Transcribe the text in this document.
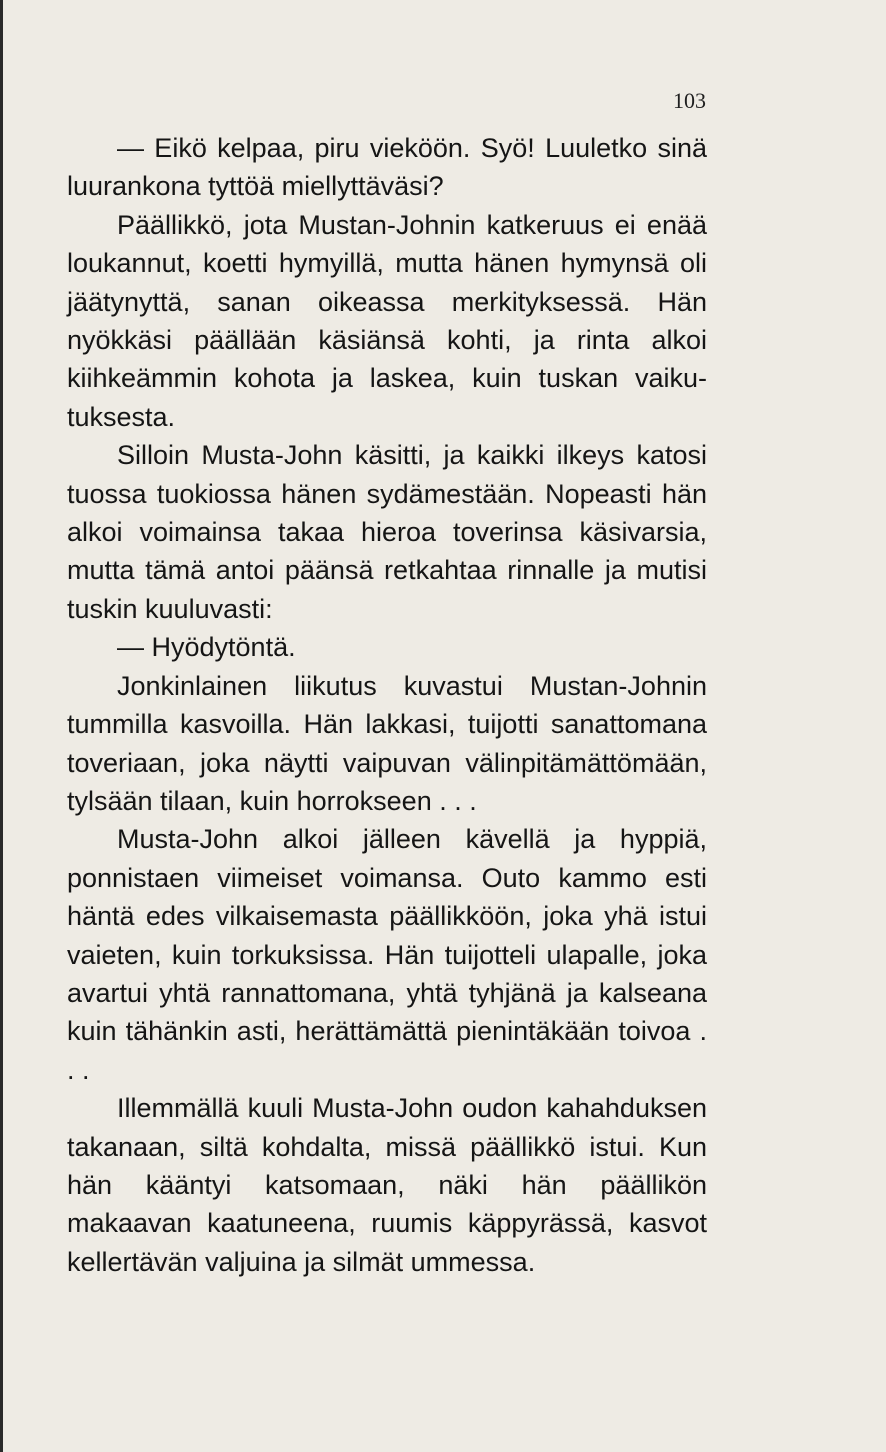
103

— Eikö kelpaa, piru vieköön. Syö! Luuletko sinä luurankona tyttöä miellyttäväsi?

Päällikkö, jota Mustan-Johnin katkeruus ei enää loukannut, koetti hymyillä, mutta hänen hymynsä oli jäätynyttä, sanan oikeassa merkityksessä. Hän nyökkäsi päällään käsiänsä kohti, ja rinta alkoi kiihkeämmin kohota ja laskea, kuin tuskan vaikutuksesta.

Silloin Musta-John käsitti, ja kaikki ilkeys katosi tuossa tuokiossa hänen sydämestään. Nopeasti hän alkoi voimainsa takaa hieroa toverinsa käsivarsia, mutta tämä antoi päänsä retkahtaa rinnalle ja mutisi tuskin kuuluvasti:

— Hyödytöntä.

Jonkinlainen liikutus kuvastui Mustan-Johnin tummilla kasvoilla. Hän lakkasi, tuijotti sanattomana toveriaan, joka näytti vaipuvan välinpitämättömään, tylsään tilaan, kuin horrokseen . . .

Musta-John alkoi jälleen kävellä ja hyppiä, ponnistaen viimeiset voimansa. Outo kammo esti häntä edes vilkaisemasta päällikköön, joka yhä istui vaieten, kuin torkuksissa. Hän tuijotteli ulapalle, joka avartui yhtä rannattomana, yhtä tyhjänä ja kalseana kuin tähänkin asti, herättämättä pienintäkään toivoa . . .

Illemmällä kuuli Musta-John oudon kahahduksen takanaan, siltä kohdalta, missä päällikkö istui. Kun hän kääntyi katsomaan, näki hän päällikön makaavan kaatuneena, ruumis käppyrässä, kasvot kellertävän valjuina ja silmät ummessa.
